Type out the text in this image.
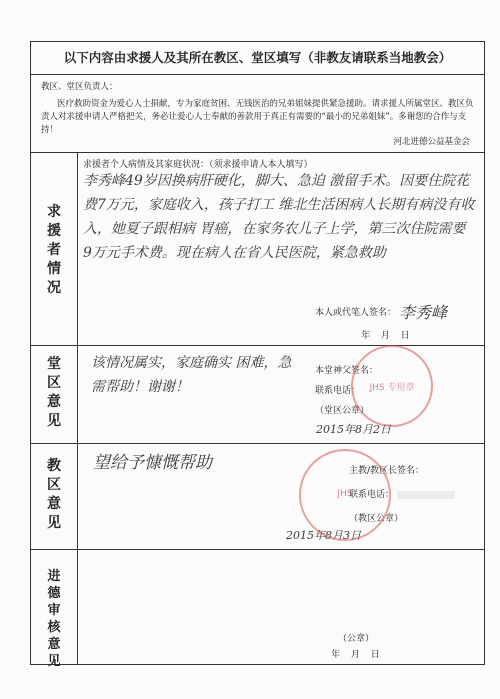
以下内容由求援人及其所在教区、堂区填写（非教友请联系当地教会）
教区、堂区负责人：
医疗救助资金为爱心人士捐献，专为家庭贫困、无钱医治的兄弟姐妹提供紧急援助。请求援人所属堂区、教区负责人对求援申请人严格把关，务必让爱心人士奉献的善款用于真正有需要的“最小的兄弟姐妹”。多谢您的合作与支持！
河北进德公益基金会
求
援
者
情
况
求援者个人病情及其家庭状况：（须求援申请人本人填写）
李秀峰49岁因换病肝硬化，脚大、急迫 激留手术。因要住院花费7万元，家庭收入，孩子打工 维北生活困病人长期有病没有收入，她夏子跟相病 胃癌，在家务农儿子上学，第三次住院需要 9万元手术费。现在病人在省人民医院，紧急救助
本人或代笔人签名： 李秀峰
年 月 日
堂
区
意
见
该情况属实，家庭确实 困难，急需帮助！谢谢！
本堂神父签名：
联系电话：
（堂区公章）
2015年8月2日
JHS 专用章
教
区
意
见
望给予慷慨帮助	主教/教区长签名：
联系电话：
（教区公章）
2015年8月3日
JHS
进
德
审
核
意
见
（公章）
年 月 日
